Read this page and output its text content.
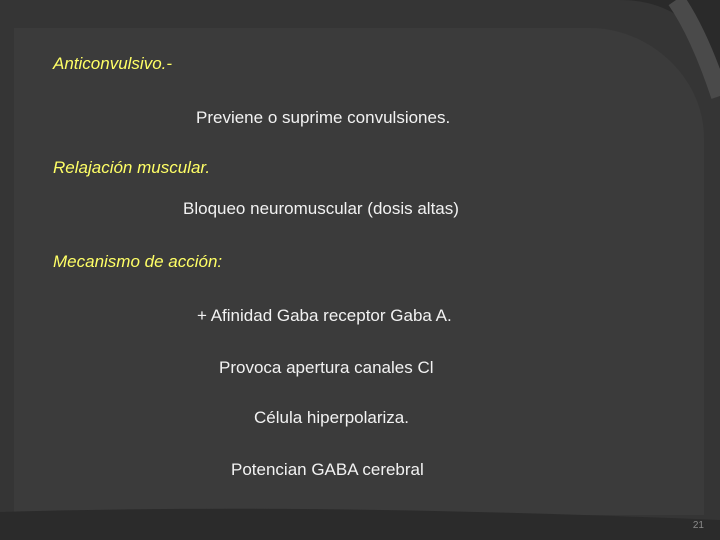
Anticonvulsivo.-
Previene o suprime convulsiones.
Relajación muscular.
Bloqueo neuromuscular (dosis altas)
Mecanismo de acción:
+ Afinidad Gaba receptor Gaba A.
Provoca apertura canales Cl
Célula hiperpolariza.
Potencian GABA cerebral
21
